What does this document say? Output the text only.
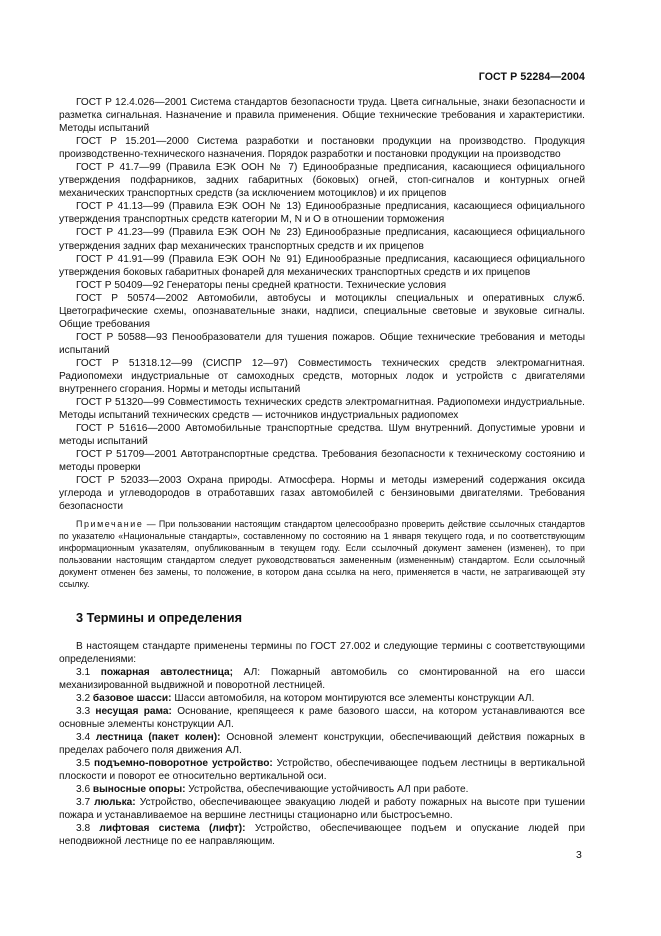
ГОСТ Р 52284—2004

ГОСТ Р 12.4.026—2001 Система стандартов безопасности труда. Цвета сигнальные, знаки безопасности и разметка сигнальная. Назначение и правила применения. Общие технические требования и характеристики. Методы испытаний

ГОСТ Р 15.201—2000 Система разработки и постановки продукции на производство. Продукция производственно-технического назначения. Порядок разработки и постановки продукции на производство

ГОСТ Р 41.7—99 (Правила ЕЭК ООН № 7) Единообразные предписания, касающиеся официального утверждения подфарников, задних габаритных (боковых) огней, стоп-сигналов и контурных огней механических транспортных средств (за исключением мотоциклов) и их прицепов

ГОСТ Р 41.13—99 (Правила ЕЭК ООН № 13) Единообразные предписания, касающиеся официального утверждения транспортных средств категории M, N и O в отношении торможения

ГОСТ Р 41.23—99 (Правила ЕЭК ООН № 23) Единообразные предписания, касающиеся официального утверждения задних фар механических транспортных средств и их прицепов

ГОСТ Р 41.91—99 (Правила ЕЭК ООН № 91) Единообразные предписания, касающиеся официального утверждения боковых габаритных фонарей для механических транспортных средств и их прицепов

ГОСТ Р 50409—92 Генераторы пены средней кратности. Технические условия

ГОСТ Р 50574—2002 Автомобили, автобусы и мотоциклы специальных и оперативных служб. Цветографические схемы, опознавательные знаки, надписи, специальные световые и звуковые сигналы. Общие требования

ГОСТ Р 50588—93 Пенообразователи для тушения пожаров. Общие технические требования и методы испытаний

ГОСТ Р 51318.12—99 (СИСПР 12—97) Совместимость технических средств электромагнитная. Радиопомехи индустриальные от самоходных средств, моторных лодок и устройств с двигателями внутреннего сгорания. Нормы и методы испытаний

ГОСТ Р 51320—99 Совместимость технических средств электромагнитная. Радиопомехи индустриальные. Методы испытаний технических средств — источников индустриальных радиопомех

ГОСТ Р 51616—2000 Автомобильные транспортные средства. Шум внутренний. Допустимые уровни и методы испытаний

ГОСТ Р 51709—2001 Автотранспортные средства. Требования безопасности к техническому состоянию и методы проверки

ГОСТ Р 52033—2003 Охрана природы. Атмосфера. Нормы и методы измерений содержания оксида углерода и углеводородов в отработавших газах автомобилей с бензиновыми двигателями. Требования безопасности

Примечание — При пользовании настоящим стандартом целесообразно проверить действие ссылочных стандартов по указателю «Национальные стандарты», составленному по состоянию на 1 января текущего года, и по соответствующим информационным указателям, опубликованным в текущем году. Если ссылочный документ заменен (изменен), то при пользовании настоящим стандартом следует руководствоваться замененным (измененным) стандартом. Если ссылочный документ отменен без замены, то положение, в котором дана ссылка на него, применяется в части, не затрагивающей эту ссылку.

3 Термины и определения

В настоящем стандарте применены термины по ГОСТ 27.002 и следующие термины с соответствующими определениями:

3.1 пожарная автолестница; АЛ: Пожарный автомобиль со смонтированной на его шасси механизированной выдвижной и поворотной лестницей.

3.2 базовое шасси: Шасси автомобиля, на котором монтируются все элементы конструкции АЛ.

3.3 несущая рама: Основание, крепящееся к раме базового шасси, на котором устанавливаются все основные элементы конструкции АЛ.

3.4 лестница (пакет колен): Основной элемент конструкции, обеспечивающий действия пожарных в пределах рабочего поля движения АЛ.

3.5 подъемно-поворотное устройство: Устройство, обеспечивающее подъем лестницы в вертикальной плоскости и поворот ее относительно вертикальной оси.

3.6 выносные опоры: Устройства, обеспечивающие устойчивость АЛ при работе.

3.7 люлька: Устройство, обеспечивающее эвакуацию людей и работу пожарных на высоте при тушении пожара и устанавливаемое на вершине лестницы стационарно или быстросъемно.

3.8 лифтовая система (лифт): Устройство, обеспечивающее подъем и опускание людей при неподвижной лестнице по ее направляющим.

3
